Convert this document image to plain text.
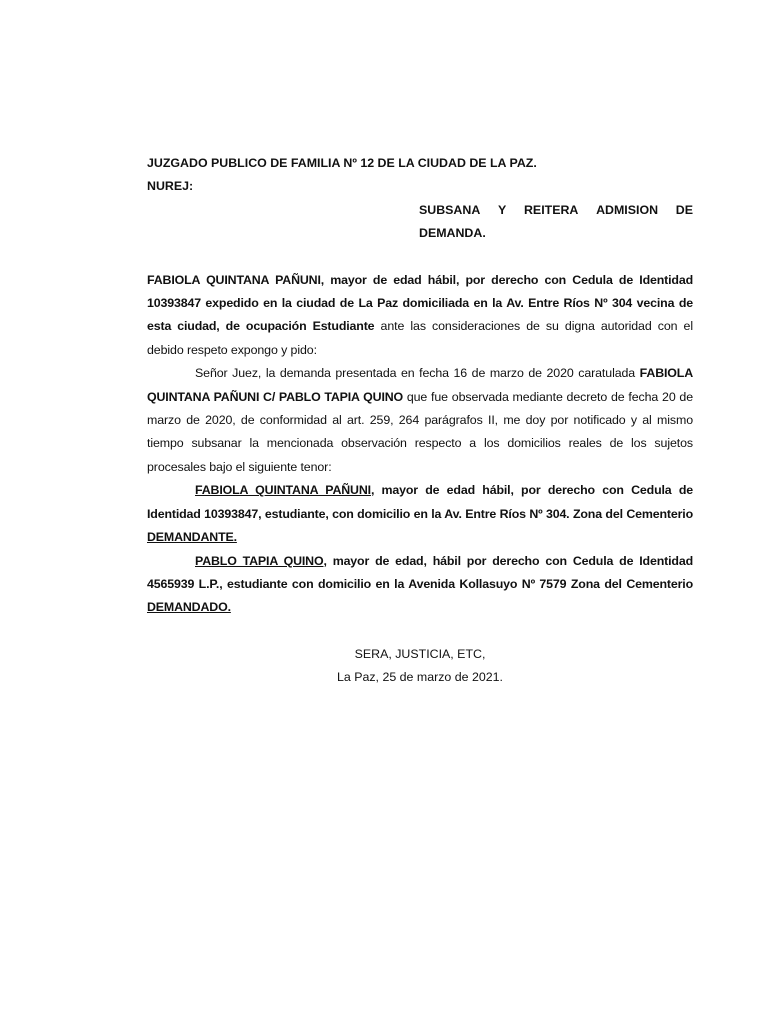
JUZGADO PUBLICO DE FAMILIA Nº 12 DE LA CIUDAD DE LA PAZ.

NUREJ:

SUBSANA Y REITERA ADMISION DE
DEMANDA.

FABIOLA QUINTANA PAÑUNI, mayor de edad hábil, por derecho con Cedula de Identidad 10393847 expedido en la ciudad de La Paz domiciliada en la Av. Entre Ríos Nº 304 vecina de esta ciudad, de ocupación Estudiante ante las consideraciones de su digna autoridad con el debido respeto expongo y pido:

Señor Juez, la demanda presentada en fecha 16 de marzo de 2020 caratulada FABIOLA QUINTANA PAÑUNI C/ PABLO TAPIA QUINO que fue observada mediante decreto de fecha 20 de marzo de 2020, de conformidad al art. 259, 264 parágrafos II, me doy por notificado y al mismo tiempo subsanar la mencionada observación respecto a los domicilios reales de los sujetos procesales bajo el siguiente tenor:

FABIOLA QUINTANA PAÑUNI, mayor de edad hábil, por derecho con Cedula de Identidad 10393847, estudiante, con domicilio en la Av. Entre Ríos Nº 304. Zona del Cementerio DEMANDANTE.

PABLO TAPIA QUINO, mayor de edad, hábil por derecho con Cedula de Identidad 4565939 L.P., estudiante con domicilio en la Avenida Kollasuyo Nº 7579 Zona del Cementerio DEMANDADO.

SERA, JUSTICIA, ETC,

La Paz, 25 de marzo de 2021.
